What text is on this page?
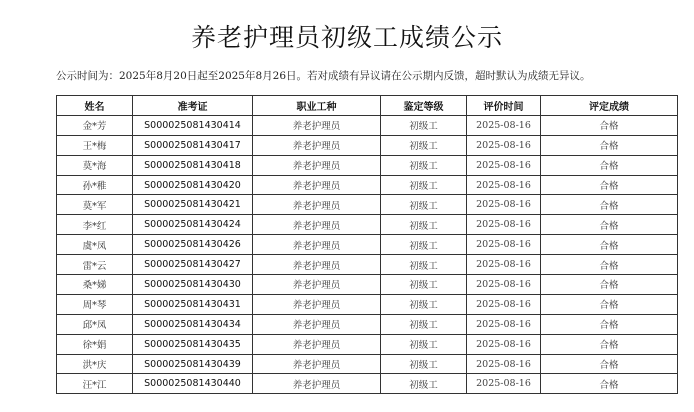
养老护理员初级工成绩公示
公示时间为：2025年8月20日起至2025年8月26日。若对成绩有异议请在公示期内反馈，超时默认为成绩无异议。
姓名	准考证	职业工种	鉴定等级	评价时间	评定成绩
金*芳	S000025081430414	养老护理员	初级工	2025-08-16	合格
王*梅	S000025081430417	养老护理员	初级工	2025-08-16	合格
莫*海	S000025081430418	养老护理员	初级工	2025-08-16	合格
孙*稚	S000025081430420	养老护理员	初级工	2025-08-16	合格
莫*军	S000025081430421	养老护理员	初级工	2025-08-16	合格
李*红	S000025081430424	养老护理员	初级工	2025-08-16	合格
虞*凤	S000025081430426	养老护理员	初级工	2025-08-16	合格
雷*云	S000025081430427	养老护理员	初级工	2025-08-16	合格
桑*娣	S000025081430430	养老护理员	初级工	2025-08-16	合格
周*琴	S000025081430431	养老护理员	初级工	2025-08-16	合格
邱*凤	S000025081430434	养老护理员	初级工	2025-08-16	合格
徐*娟	S000025081430435	养老护理员	初级工	2025-08-16	合格
洪*庆	S000025081430439	养老护理员	初级工	2025-08-16	合格
汪*江	S000025081430440	养老护理员	初级工	2025-08-16	合格
